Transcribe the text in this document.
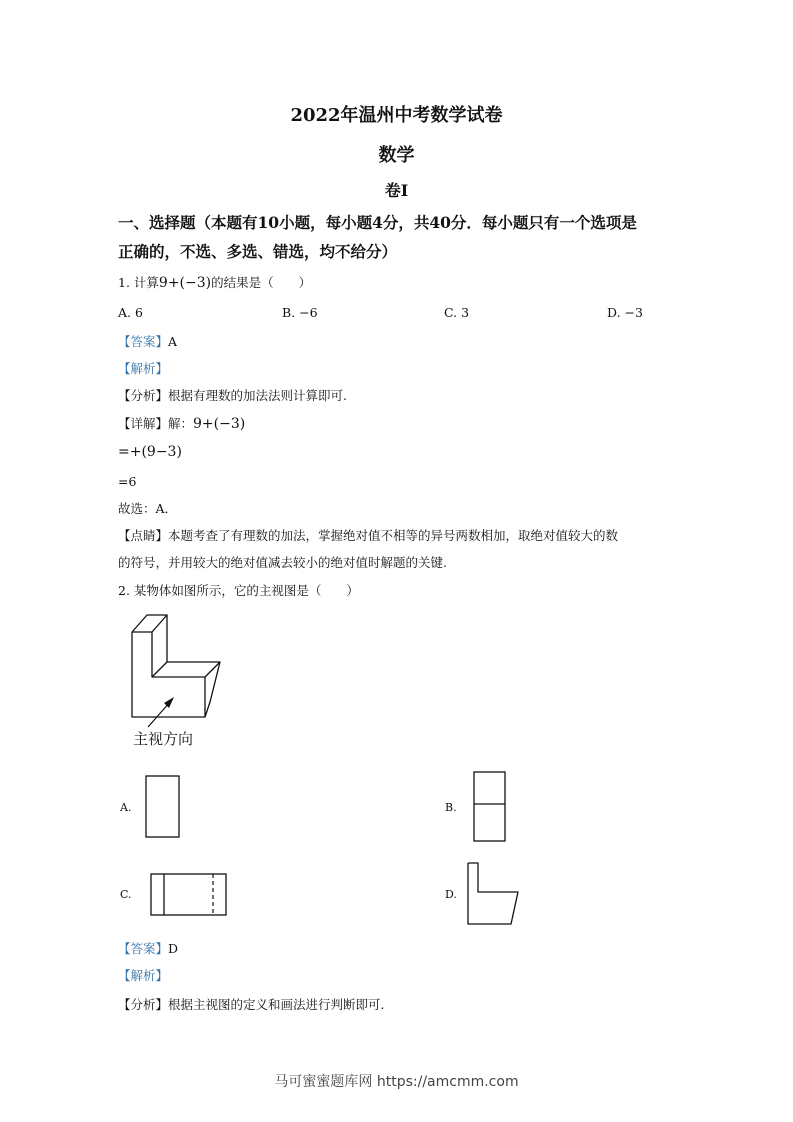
2022年温州中考数学试卷
数学
卷Ⅰ
一、选择题（本题有10小题，每小题4分，共40分．每小题只有一个选项是
正确的，不选、多选、错选，均不给分）
1. 计算9+(−3)的结果是（　　）
A. 6	B. −6	C. 3	D. −3
【答案】A
【解析】
【分析】根据有理数的加法法则计算即可.
【详解】解：9+(−3)
=+(9−3)
=6
故选：A．
【点睛】本题考查了有理数的加法，掌握绝对值不相等的异号两数相加，取绝对值较大的数
的符号，并用较大的绝对值减去较小的绝对值时解题的关键.
2. 某物体如图所示，它的主视图是（　　）
主视方向
A.	B.
C.	D.
【答案】D
【解析】
【分析】根据主视图的定义和画法进行判断即可.
马可蜜蜜题库网 https://amcmm.com
